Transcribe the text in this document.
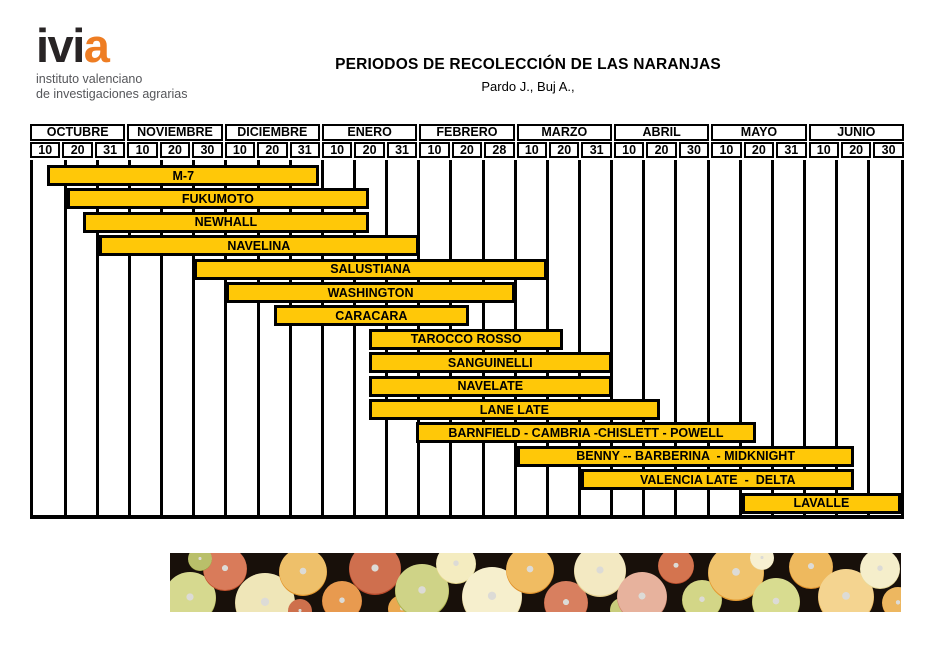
ivia
instituto valenciano
de investigaciones agrarias
PERIODOS DE RECOLECCIÓN DE LAS NARANJAS
Pardo J., Buj A.,
OCTUBRE	NOVIEMBRE	DICIEMBRE	ENERO	FEBRERO	MARZO	ABRIL	MAYO	JUNIO
10	20	31	10	20	30	10	20	31	10	20	31	10	20	28	10	20	31	10	20	30	10	20	31	10	20	30
M-7
FUKUMOTO
NEWHALL
NAVELINA
SALUSTIANA
WASHINGTON
CARACARA
TAROCCO ROSSO
SANGUINELLI
NAVELATE
LANE LATE
BARNFIELD - CAMBRIA -CHISLETT - POWELL
BENNY -- BARBERINA  - MIDKNIGHT
VALENCIA LATE  -  DELTA
LAVALLE
